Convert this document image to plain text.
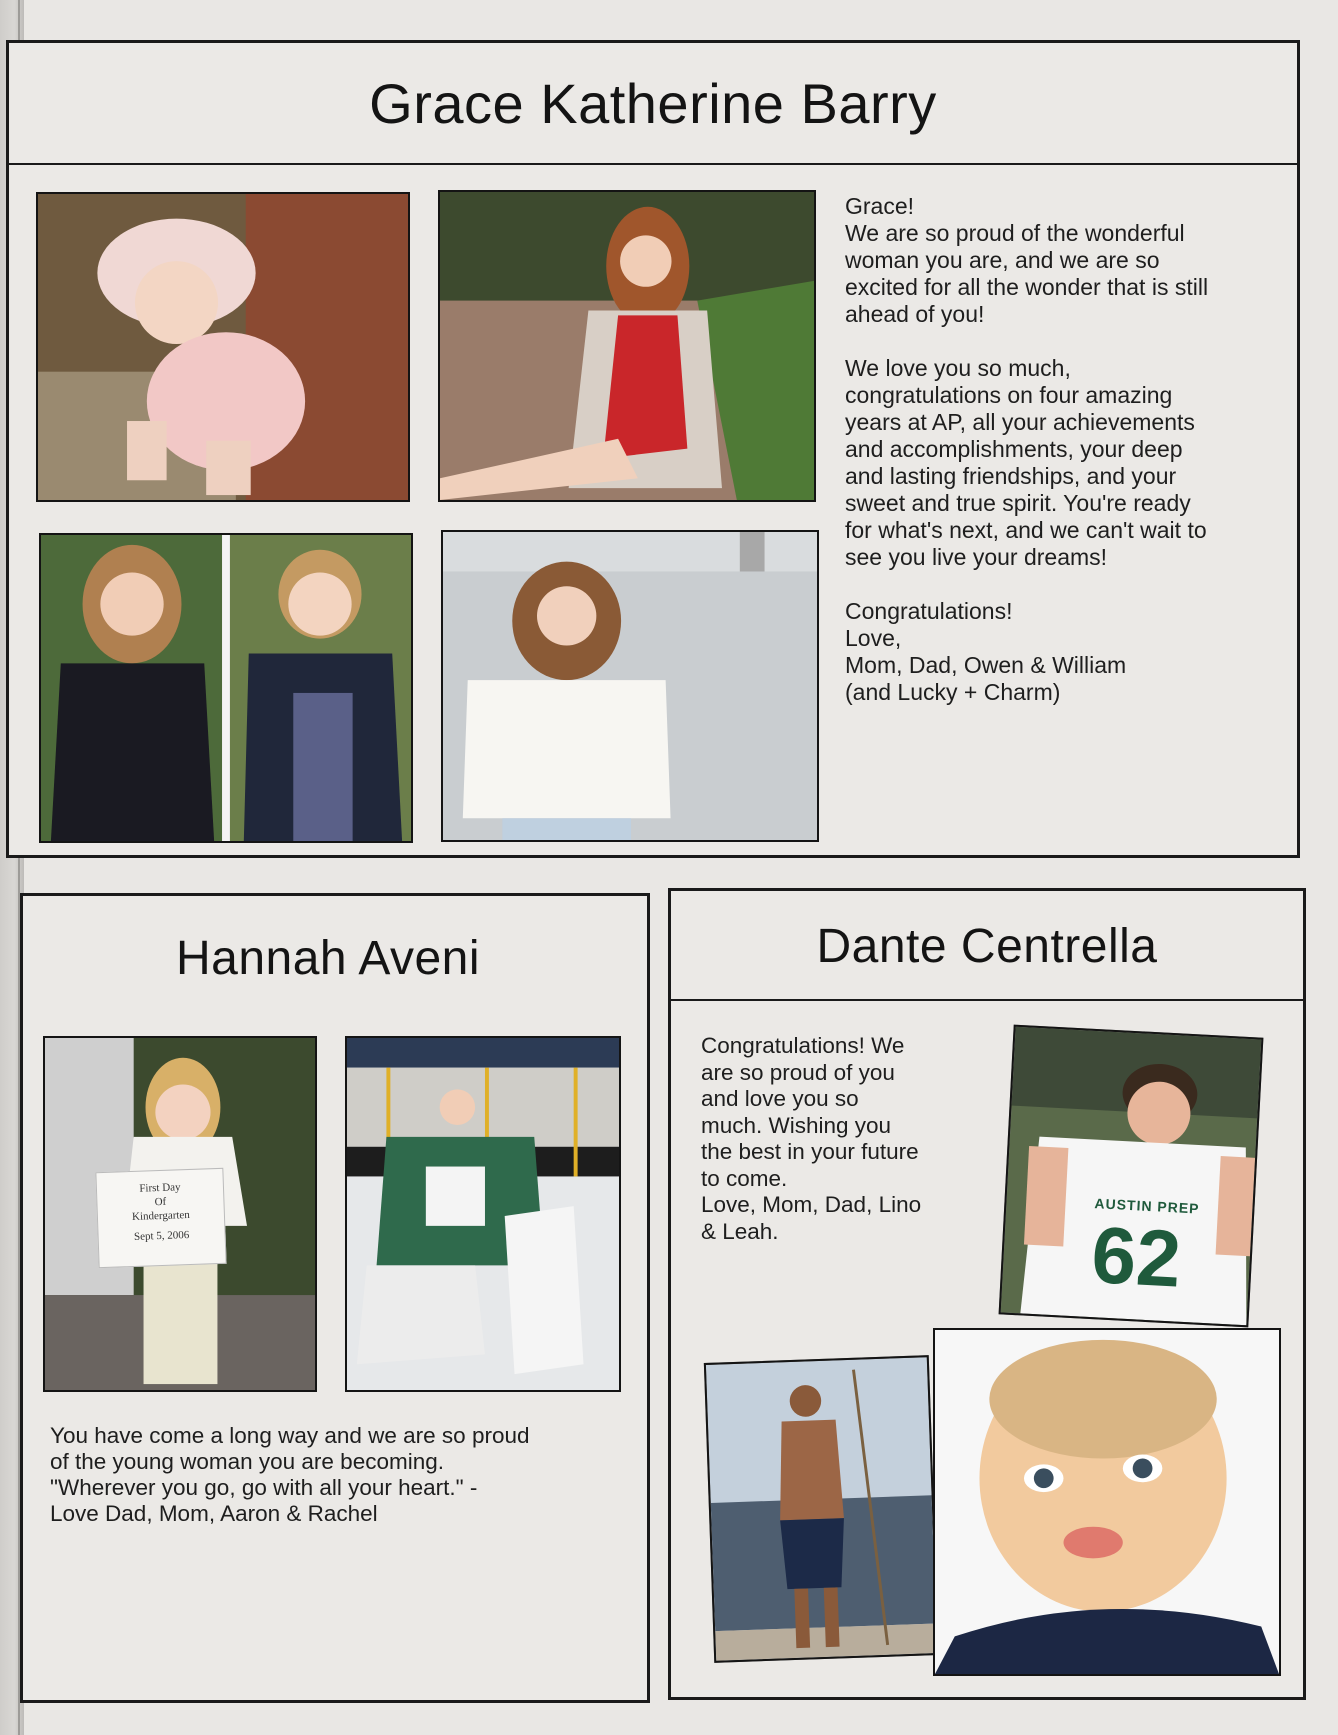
Grace Katherine Barry

Grace!

We are so proud of the wonderful

woman you are, and we are so

excited for all the wonder that is still

ahead of you!

We love you so much,

congratulations on four amazing

years at AP, all your achievements

and accomplishments, your deep

and lasting friendships, and your

sweet and true spirit. You're ready

for what's next, and we can't wait to

see you live your dreams!

Congratulations!

Love,

Mom, Dad, Owen & William

(and Lucky + Charm)

Hannah Aveni
First Day
Of
Kindergarten
Sept 5, 2006

You have come a long way and we are so proud

of the young woman you are becoming.

"Wherever you go, go with all your heart." -

Love Dad, Mom, Aaron & Rachel

Dante Centrella

Congratulations! We

are so proud of you

and love you so

much. Wishing you

the best in your future

to come.

Love, Mom, Dad, Lino

& Leah.

AUSTIN PREP
62
